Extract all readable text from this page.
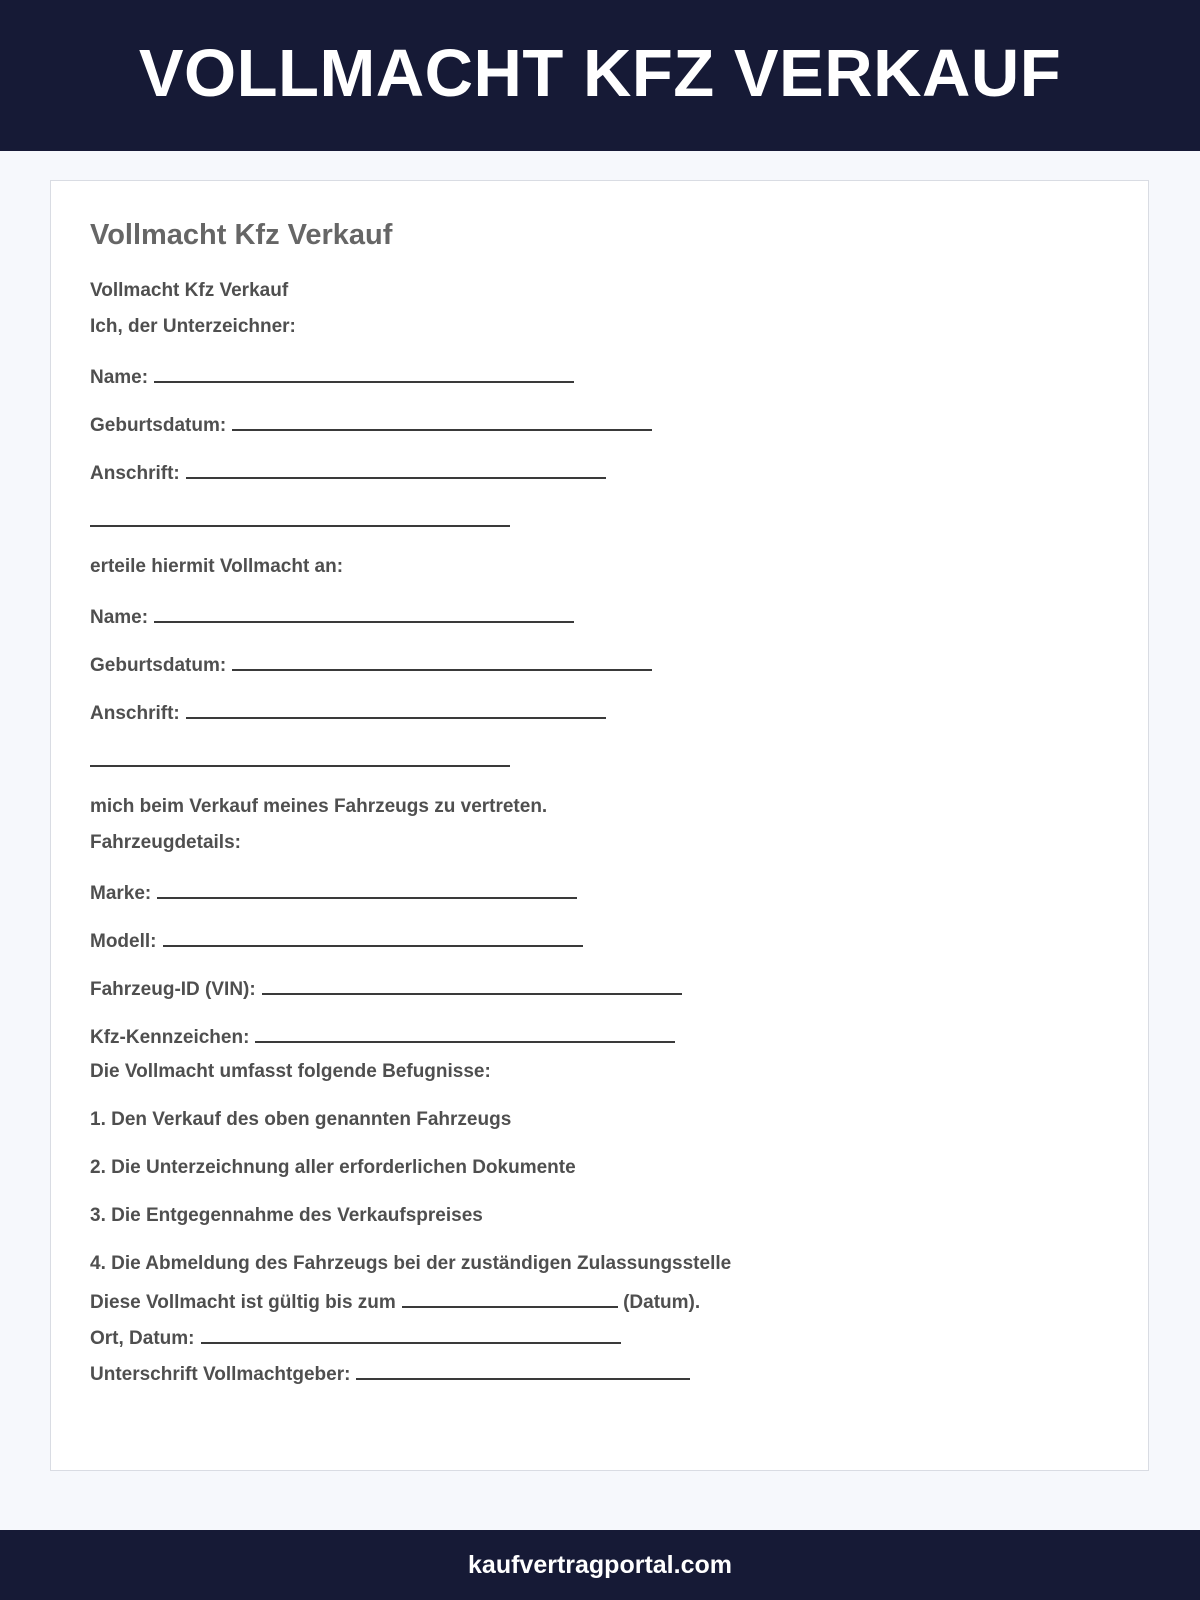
VOLLMACHT KFZ VERKAUF
Vollmacht Kfz Verkauf
Vollmacht Kfz Verkauf
Ich, der Unterzeichner:
Name:
Geburtsdatum:
Anschrift:
erteile hiermit Vollmacht an:
Name:
Geburtsdatum:
Anschrift:
mich beim Verkauf meines Fahrzeugs zu vertreten.
Fahrzeugdetails:
Marke:
Modell:
Fahrzeug-ID (VIN):
Kfz-Kennzeichen:
Die Vollmacht umfasst folgende Befugnisse:
1. Den Verkauf des oben genannten Fahrzeugs
2. Die Unterzeichnung aller erforderlichen Dokumente
3. Die Entgegennahme des Verkaufspreises
4. Die Abmeldung des Fahrzeugs bei der zuständigen Zulassungsstelle
Diese Vollmacht ist gültig bis zum	(Datum).
Ort, Datum:
Unterschrift Vollmachtgeber:
kaufvertragportal.com
